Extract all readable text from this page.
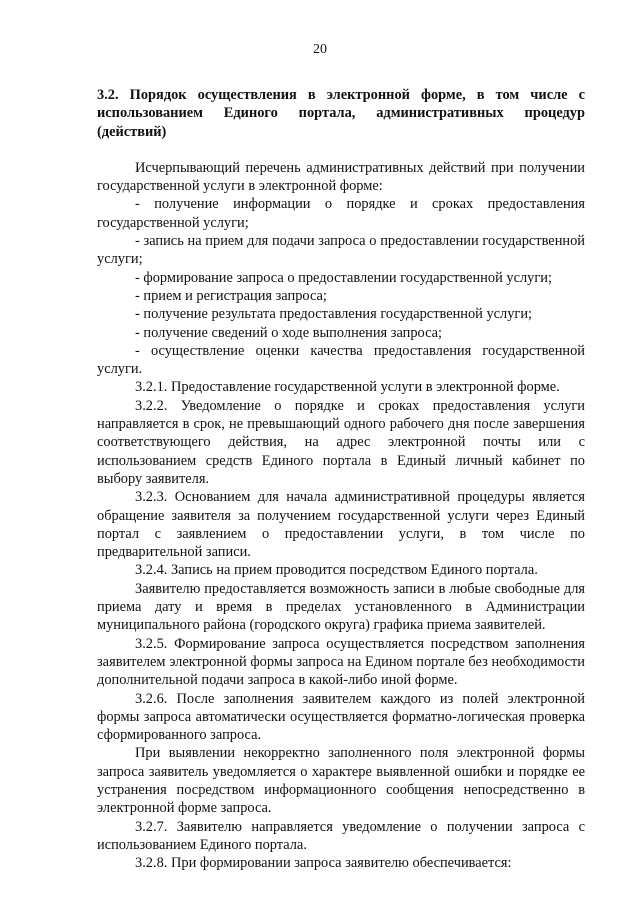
20

3.2. Порядок осуществления в электронной форме, в том числе с использованием Единого портала, административных процедур (действий)

Исчерпывающий перечень административных действий при получении государственной услуги в электронной форме:

- получение информации о порядке и сроках предоставления государственной услуги;

- запись на прием для подачи запроса о предоставлении государственной услуги;

- формирование запроса о предоставлении государственной услуги;

- прием и регистрация запроса;

- получение результата предоставления государственной услуги;

- получение сведений о ходе выполнения запроса;

- осуществление оценки качества предоставления государственной услуги.

3.2.1. Предоставление государственной услуги в электронной форме.

3.2.2. Уведомление о порядке и сроках предоставления услуги направляется в срок, не превышающий одного рабочего дня после завершения соответствующего действия, на адрес электронной почты или с использованием средств Единого портала в Единый личный кабинет по выбору заявителя.

3.2.3. Основанием для начала административной процедуры является обращение заявителя за получением государственной услуги через Единый портал с заявлением о предоставлении услуги, в том числе по предварительной записи.

3.2.4. Запись на прием проводится посредством Единого портала.

Заявителю предоставляется возможность записи в любые свободные для приема дату и время в пределах установленного в Администрации муниципального района (городского округа) графика приема заявителей.

3.2.5. Формирование запроса осуществляется посредством заполнения заявителем электронной формы запроса на Едином портале без необходимости дополнительной подачи запроса в какой-либо иной форме.

3.2.6. После заполнения заявителем каждого из полей электронной формы запроса автоматически осуществляется форматно-логическая проверка сформированного запроса.

При выявлении некорректно заполненного поля электронной формы запроса заявитель уведомляется о характере выявленной ошибки и порядке ее устранения посредством информационного сообщения непосредственно в электронной форме запроса.

3.2.7. Заявителю направляется уведомление о получении запроса с использованием Единого портала.

3.2.8. При формировании запроса заявителю обеспечивается:
